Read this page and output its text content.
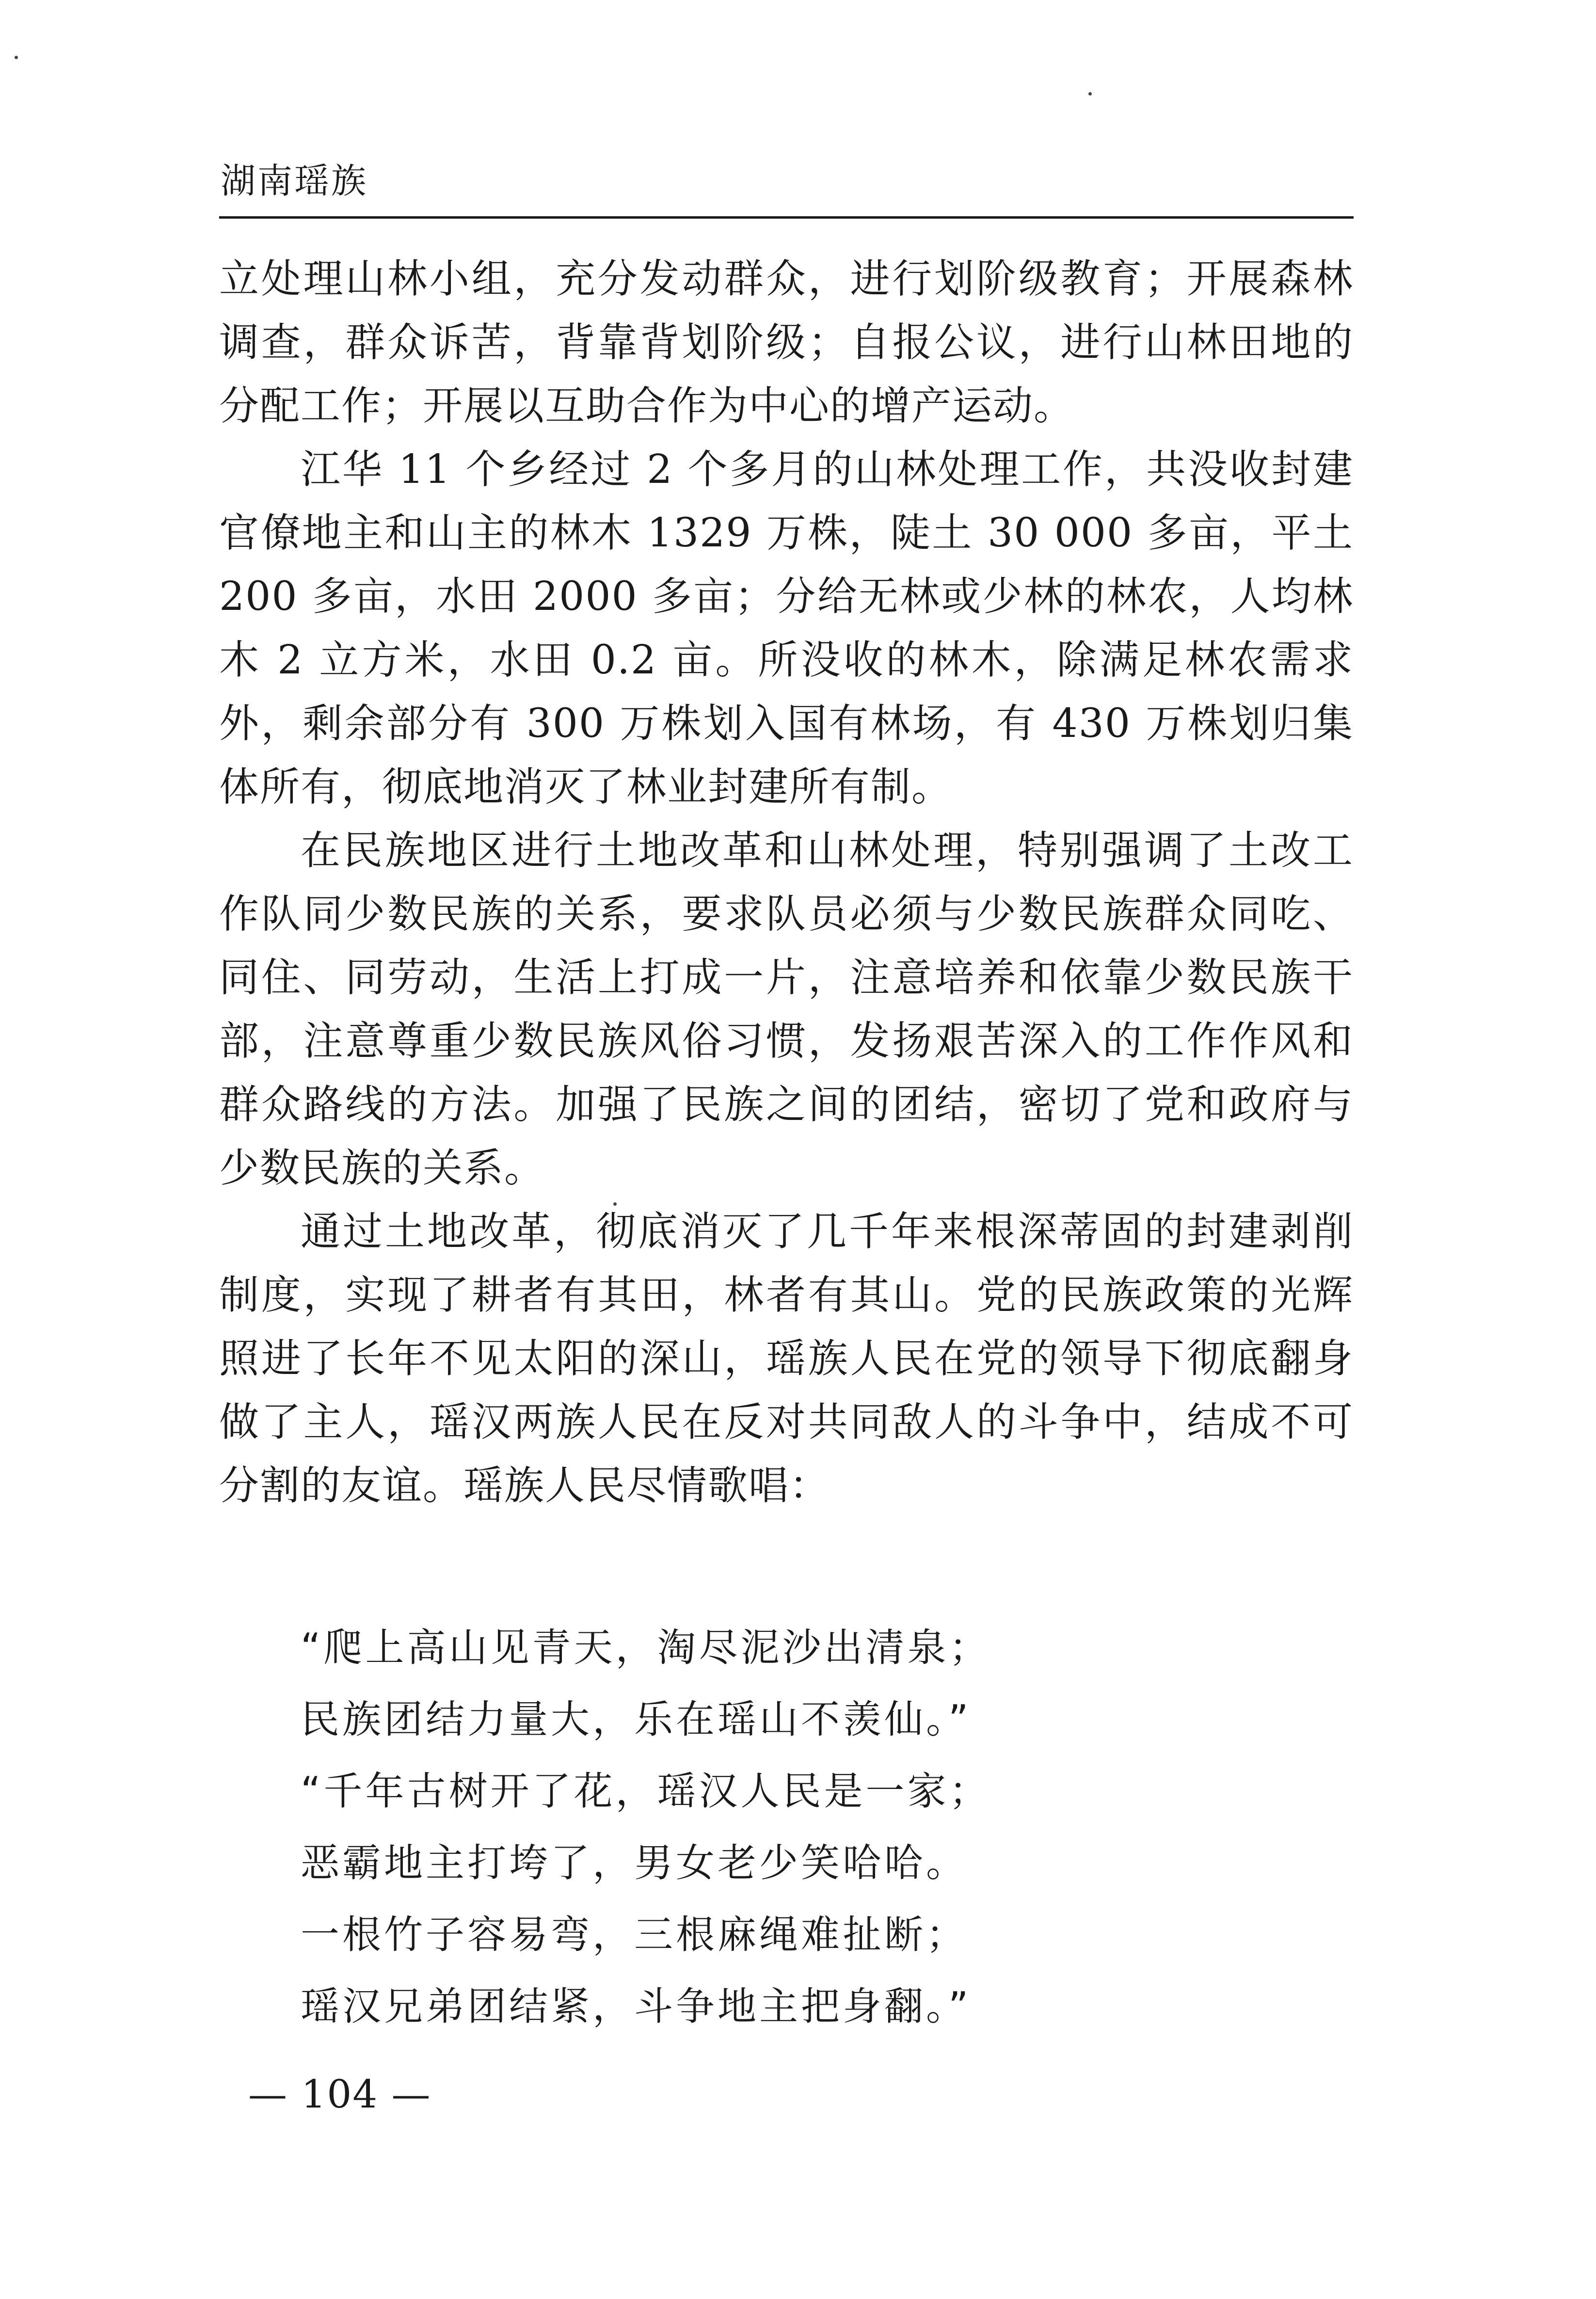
湖南瑶族

立处理山林小组，充分发动群众，进行划阶级教育；开展森林调查，群众诉苦，背靠背划阶级；自报公议，进行山林田地的分配工作；开展以互助合作为中心的增产运动。

江华 11 个乡经过 2 个多月的山林处理工作，共没收封建官僚地主和山主的林木 1329 万株，陡土 30 000 多亩，平土 200 多亩，水田 2000 多亩；分给无林或少林的林农，人均林木 2 立方米，水田 0.2 亩。所没收的林木，除满足林农需求外，剩余部分有 300 万株划入国有林场，有 430 万株划归集体所有，彻底地消灭了林业封建所有制。

在民族地区进行土地改革和山林处理，特别强调了土改工作队同少数民族的关系，要求队员必须与少数民族群众同吃、同住、同劳动，生活上打成一片，注意培养和依靠少数民族干部，注意尊重少数民族风俗习惯，发扬艰苦深入的工作作风和群众路线的方法。加强了民族之间的团结，密切了党和政府与少数民族的关系。

通过土地改革，彻底消灭了几千年来根深蒂固的封建剥削制度，实现了耕者有其田，林者有其山。党的民族政策的光辉照进了长年不见太阳的深山，瑶族人民在党的领导下彻底翻身做了主人，瑶汉两族人民在反对共同敌人的斗争中，结成不可分割的友谊。瑶族人民尽情歌唱：

“爬上高山见青天，淘尽泥沙出清泉；
民族团结力量大，乐在瑶山不羡仙。”
“千年古树开了花，瑶汉人民是一家；
恶霸地主打垮了，男女老少笑哈哈。
一根竹子容易弯，三根麻绳难扯断；
瑶汉兄弟团结紧，斗争地主把身翻。”
— 104 —
